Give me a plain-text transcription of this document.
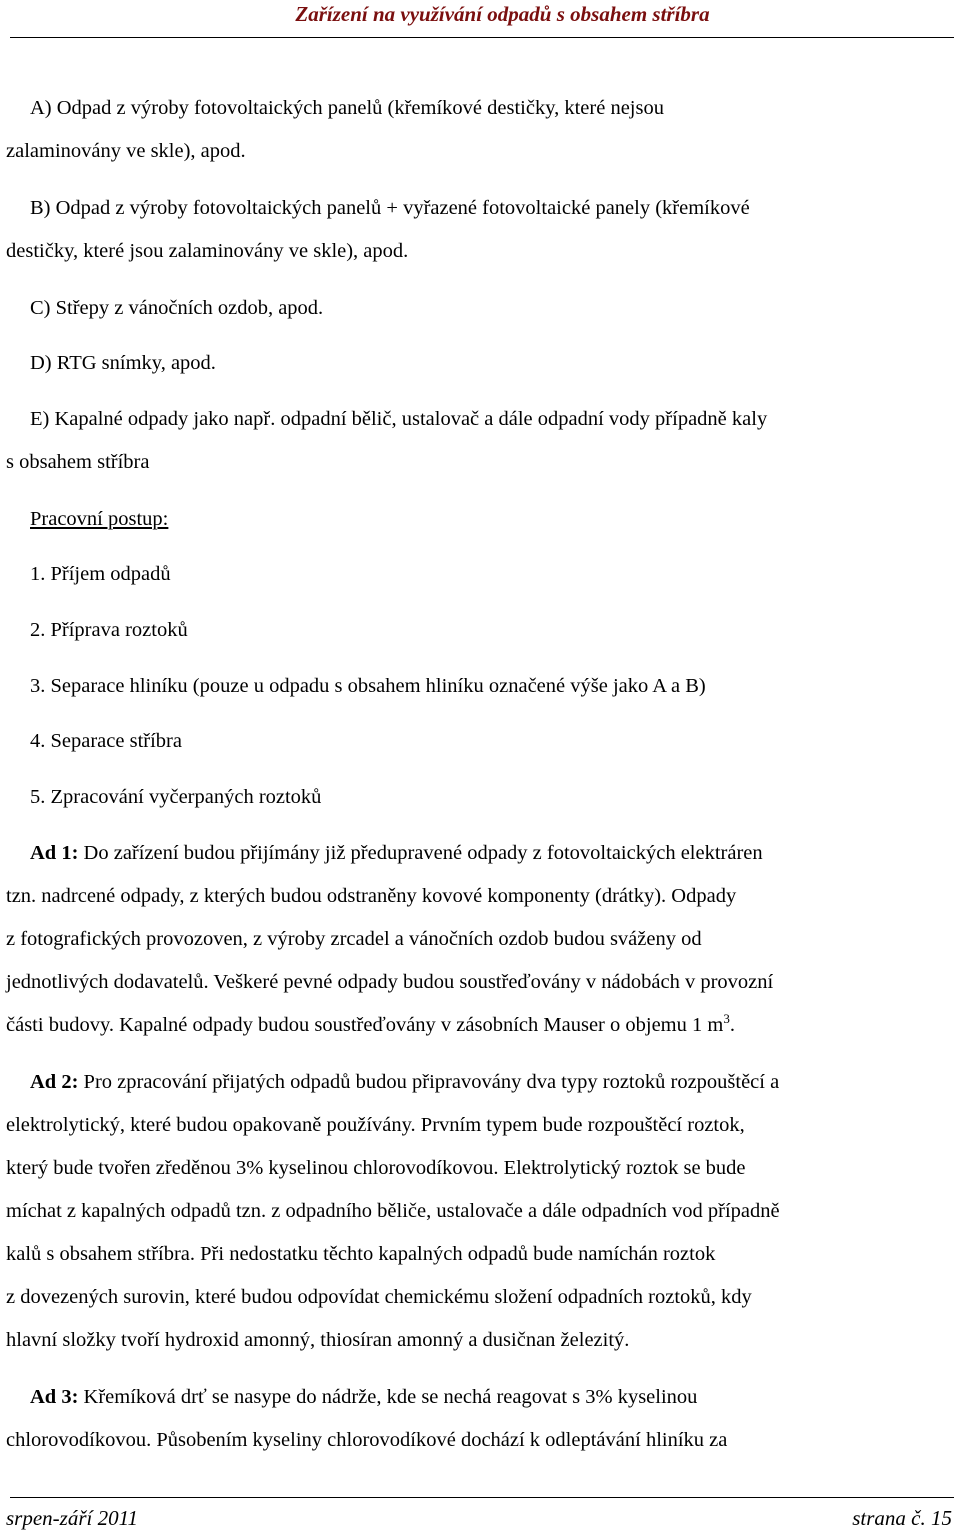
Zařízení na využívání odpadů s obsahem stříbra
A) Odpad z výroby fotovoltaických panelů (křemíkové destičky, které nejsou
zalaminovány ve skle), apod.
B) Odpad z výroby fotovoltaických panelů + vyřazené fotovoltaické panely (křemíkové
destičky, které jsou zalaminovány ve skle), apod.
C) Střepy z vánočních ozdob, apod.
D) RTG snímky, apod.
E) Kapalné odpady jako např. odpadní bělič, ustalovač a dále odpadní vody případně kaly
s obsahem stříbra
Pracovní postup:
1. Příjem odpadů
2. Příprava roztoků
3. Separace hliníku (pouze u odpadu s obsahem hliníku označené výše jako A a B)
4. Separace stříbra
5. Zpracování vyčerpaných roztoků
Ad 1: Do zařízení budou přijímány již předupravené odpady z fotovoltaických elektráren
tzn. nadrcené odpady, z kterých budou odstraněny kovové komponenty (drátky). Odpady
z fotografických provozoven, z výroby zrcadel a vánočních ozdob budou sváženy od
jednotlivých dodavatelů. Veškeré pevné odpady budou soustřeďovány v nádobách v provozní
části budovy. Kapalné odpady budou soustřeďovány v zásobních Mauser o objemu 1 $m^3$.
Ad 2: Pro zpracování přijatých odpadů budou připravovány dva typy roztoků rozpouštěcí a
elektrolytický, které budou opakovaně používány. Prvním typem bude rozpouštěcí roztok,
který bude tvořen zředěnou 3% kyselinou chlorovodíkovou. Elektrolytický roztok se bude
míchat z kapalných odpadů tzn. z odpadního běliče, ustalovače a dále odpadních vod případně
kalů s obsahem stříbra. Při nedostatku těchto kapalných odpadů bude namíchán roztok
z dovezených surovin, které budou odpovídat chemickému složení odpadních roztoků, kdy
hlavní složky tvoří hydroxid amonný, thiosíran amonný a dusičnan železitý.
Ad 3: Křemíková drť se nasype do nádrže, kde se nechá reagovat s 3% kyselinou
chlorovodíkovou. Působením kyseliny chlorovodíkové dochází k odleptávání hliníku za
srpen-září 2011	strana č. 15
